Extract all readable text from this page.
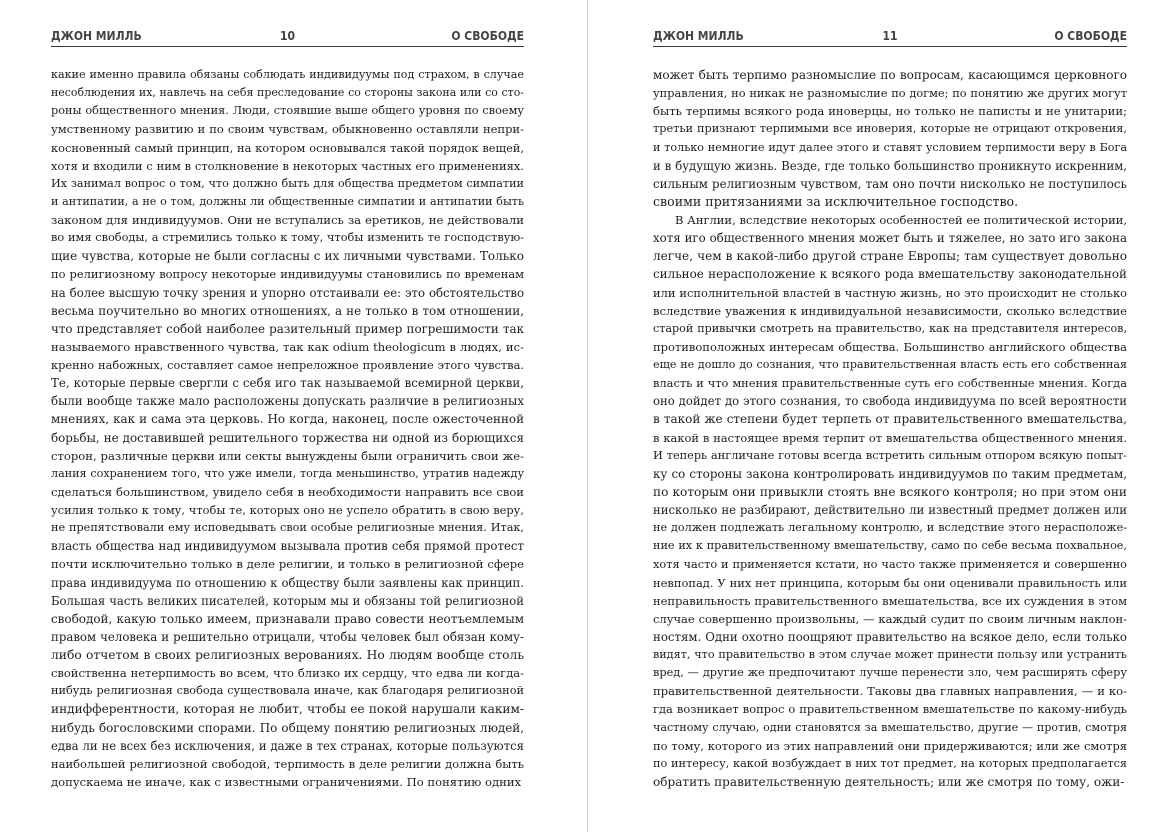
ДЖОН МИЛЛЬ	10	О СВОБОДЕ
какие именно правила обязаны соблюдать индивидуумы под страхом, в случае
несоблюдения их, навлечь на себя преследование со стороны закона или со сто-
роны общественного мнения. Люди, стоявшие выше общего уровня по своему
умственному развитию и по своим чувствам, обыкновенно оставляли непри-
косновенный самый принцип, на котором основывался такой порядок вещей,
хотя и входили с ним в столкновение в некоторых частных его применениях.
Их занимал вопрос о том, что должно быть для общества предметом симпатии
и антипатии, а не о том, должны ли общественные симпатии и антипатии быть
законом для индивидуумов. Они не вступались за еретиков, не действовали
во имя свободы, а стремились только к тому, чтобы изменить те господствую-
щие чувства, которые не были согласны с их личными чувствами. Только
по религиозному вопросу некоторые индивидуумы становились по временам
на более высшую точку зрения и упорно отстаивали ее: это обстоятельство
весьма поучительно во многих отношениях, а не только в том отношении,
что представляет собой наиболее разительный пример погрешимости так
называемого нравственного чувства, так как odium theologicum в людях, ис-
кренно набожных, составляет самое непреложное проявление этого чувства.
Те, которые первые свергли с себя иго так называемой всемирной церкви,
были вообще также мало расположены допускать различие в религиозных
мнениях, как и сама эта церковь. Но когда, наконец, после ожесточенной
борьбы, не доставившей решительного торжества ни одной из борющихся
сторон, различные церкви или секты вынуждены были ограничить свои же-
лания сохранением того, что уже имели, тогда меньшинство, утратив надежду
сделаться большинством, увидело себя в необходимости направить все свои
усилия только к тому, чтобы те, которых оно не успело обратить в свою веру,
не препятствовали ему исповедывать свои особые религиозные мнения. Итак,
власть общества над индивидуумом вызывала против себя прямой протест
почти исключительно только в деле религии, и только в религиозной сфере
права индивидуума по отношению к обществу были заявлены как принцип.
Большая часть великих писателей, которым мы и обязаны той религиозной
свободой, какую только имеем, признавали право совести неотъемлемым
правом человека и решительно отрицали, чтобы человек был обязан кому-
либо отчетом в своих религиозных верованиях. Но людям вообще столь
свойственна нетерпимость во всем, что близко их сердцу, что едва ли когда-
нибудь религиозная свобода существовала иначе, как благодаря религиозной
индифферентности, которая не любит, чтобы ее покой нарушали каким-
нибудь богословскими спорами. По общему понятию религиозных людей,
едва ли не всех без исключения, и даже в тех странах, которые пользуются
наибольшей религиозной свободой, терпимость в деле религии должна быть
допускаема не иначе, как с известными ограничениями. По понятию одних
ДЖОН МИЛЛЬ	11	О СВОБОДЕ
может быть терпимо разномыслие по вопросам, касающимся церковного
управления, но никак не разномыслие по догме; по понятию же других могут
быть терпимы всякого рода иноверцы, но только не паписты и не унитарии;
третьи признают терпимыми все иноверия, которые не отрицают откровения,
и только немногие идут далее этого и ставят условием терпимости веру в Бога
и в будущую жизнь. Везде, где только большинство проникнуто искренним,
сильным религиозным чувством, там оно почти нисколько не поступилось
своими притязаниями за исключительное господство.
В Англии, вследствие некоторых особенностей ее политической истории,
хотя иго общественного мнения может быть и тяжелее, но зато иго закона
легче, чем в какой-либо другой стране Европы; там существует довольно
сильное нерасположение к всякого рода вмешательству законодательной
или исполнительной властей в частную жизнь, но это происходит не столько
вследствие уважения к индивидуальной независимости, сколько вследствие
старой привычки смотреть на правительство, как на представителя интересов,
противоположных интересам общества. Большинство английского общества
еще не дошло до сознания, что правительственная власть есть его собственная
власть и что мнения правительственные суть его собственные мнения. Когда
оно дойдет до этого сознания, то свобода индивидуума по всей вероятности
в такой же степени будет терпеть от правительственного вмешательства,
в какой в настоящее время терпит от вмешательства общественного мнения.
И теперь англичане готовы всегда встретить сильным отпором всякую попыт-
ку со стороны закона контролировать индивидуумов по таким предметам,
по которым они привыкли стоять вне всякого контроля; но при этом они
нисколько не разбирают, действительно ли известный предмет должен или
не должен подлежать легальному контролю, и вследствие этого нерасположе-
ние их к правительственному вмешательству, само по себе весьма похвальное,
хотя часто и применяется кстати, но часто также применяется и совершенно
невпопад. У них нет принципа, которым бы они оценивали правильность или
неправильность правительственного вмешательства, все их суждения в этом
случае совершенно произвольны, — каждый судит по своим личным наклон-
ностям. Одни охотно поощряют правительство на всякое дело, если только
видят, что правительство в этом случае может принести пользу или устранить
вред, — другие же предпочитают лучше перенести зло, чем расширять сферу
правительственной деятельности. Таковы два главных направления, — и ко-
гда возникает вопрос о правительственном вмешательстве по какому-нибудь
частному случаю, одни становятся за вмешательство, другие — против, смотря
по тому, которого из этих направлений они придерживаются; или же смотря
по интересу, какой возбуждает в них тот предмет, на которых предполагается
обратить правительственную деятельность; или же смотря по тому, ожи-
